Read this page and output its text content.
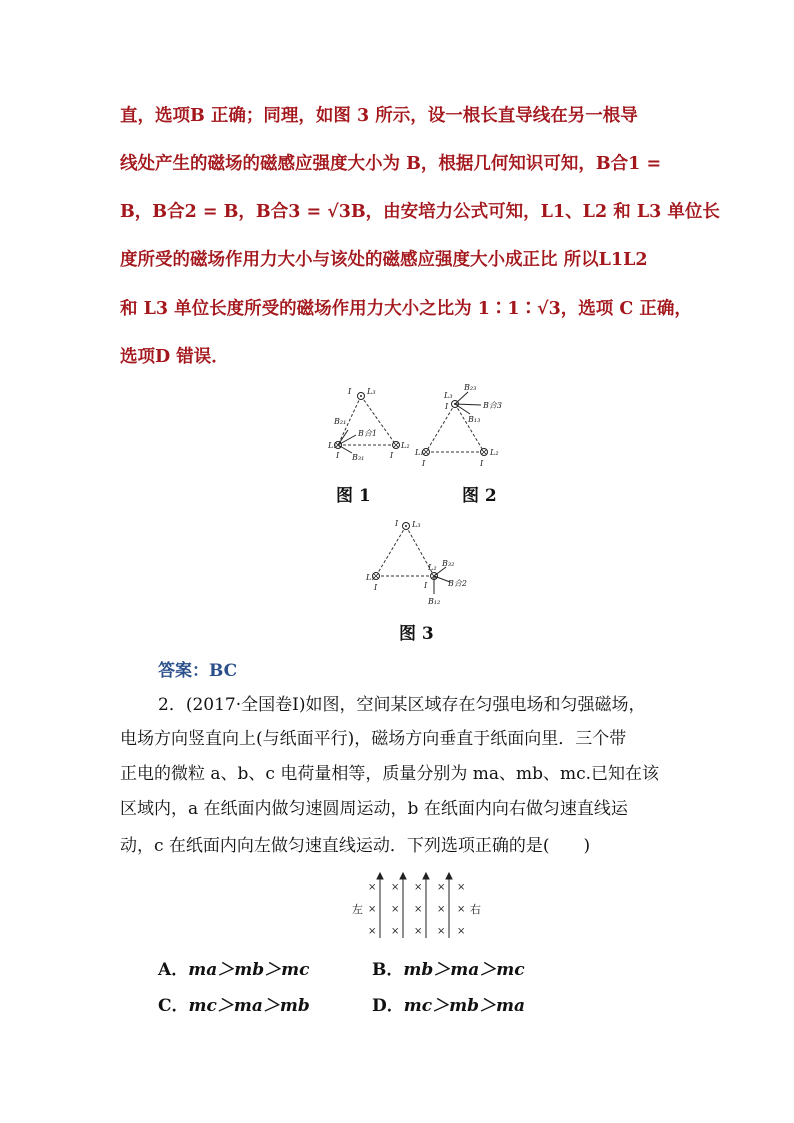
直，选项B 正确；同理，如图 3 所示，设一根长直导线在另一根导
线处产生的磁场的磁感应强度大小为 B，根据几何知识可知，B合1 =
B，B合2 = B，B合3 = √3B，由安培力公式可知，L1、L2 和 L3 单位长
度所受的磁场作用力大小与该处的磁感应强度大小成正比 所以L1L2
和 L3 单位长度所受的磁场作用力大小之比为 1∶1∶√3，选项 C 正确，
选项D 错误．
I L₃
L₁
I
L₂
I
B₂₁
B合1
B₃₁
L₃
I
B₂₃
B合3
B₁₃
L₁
I
L₂
I
图 1	图 2
I L₃
L₁
I
L₂
I
B₃₂
B合2
B₁₂
图 3
答案：BC
2．(2017·全国卷Ⅰ)如图，空间某区域存在匀强电场和匀强磁场，
电场方向竖直向上(与纸面平行)，磁场方向垂直于纸面向里．三个带
正电的微粒 a、b、c 电荷量相等，质量分别为 ma、mb、mc.已知在该
区域内，a 在纸面内做匀速圆周运动，b 在纸面内向右做匀速直线运
动，c 在纸面内向左做匀速直线运动．下列选项正确的是(　　)
× × × × ×
× × × × ×
× × × × ×
左	右
A．ma＞mb＞mc	B．mb＞ma＞mc
C．mc＞ma＞mb	D．mc＞mb＞ma
